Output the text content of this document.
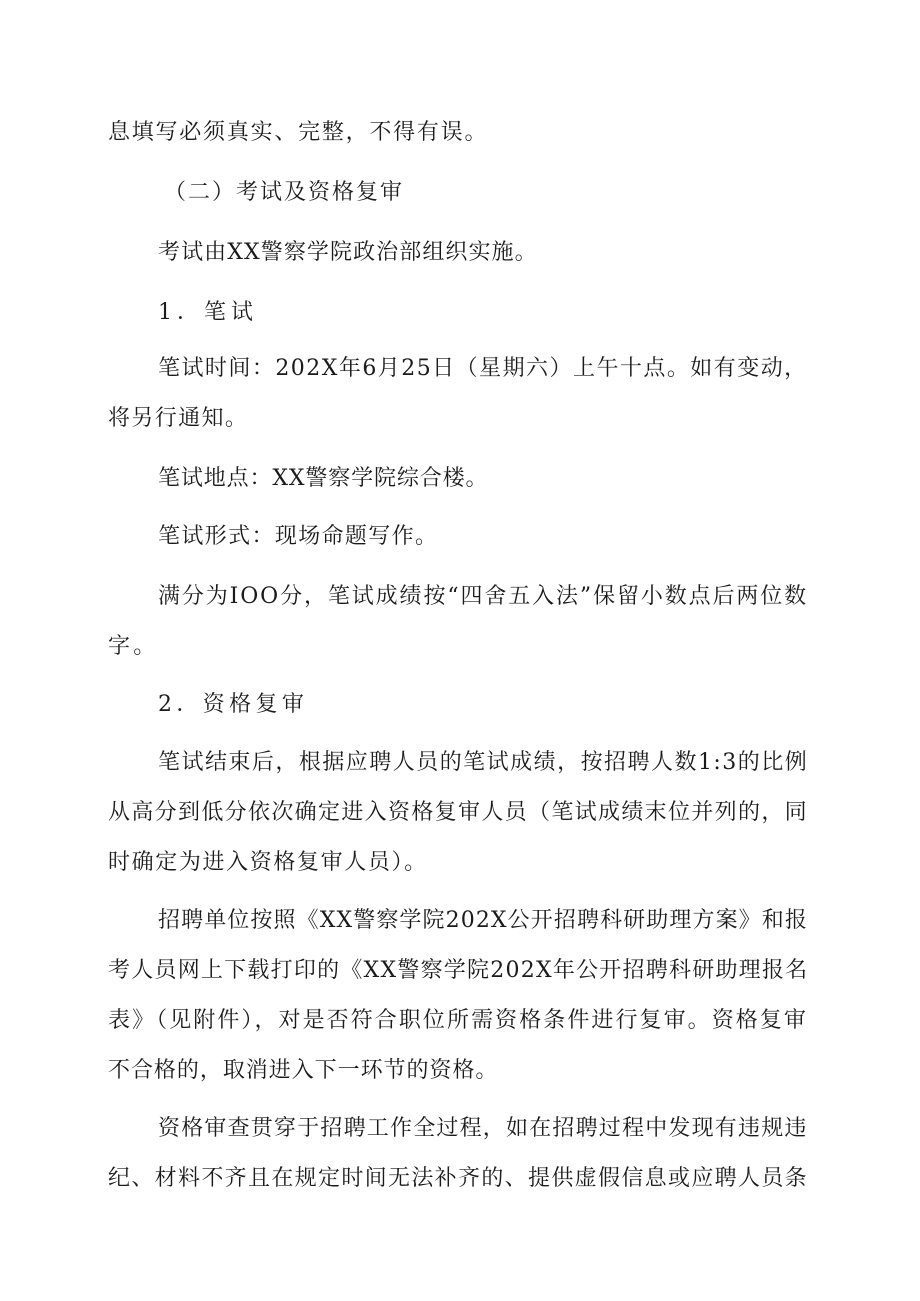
息填写必须真实、完整，不得有误。

（二）考试及资格复审

考试由XX警察学院政治部组织实施。

1．笔试

笔试时间：202X年6月25日（星期六）上午十点。如有变动，

将另行通知。

笔试地点：XX警察学院综合楼。

笔试形式：现场命题写作。

满分为IOO分，笔试成绩按“四舍五入法”保留小数点后两位数

字。

2．资格复审

笔试结束后，根据应聘人员的笔试成绩，按招聘人数1:3的比例

从高分到低分依次确定进入资格复审人员（笔试成绩末位并列的，同

时确定为进入资格复审人员）。

招聘单位按照《XX警察学院202X公开招聘科研助理方案》和报

考人员网上下载打印的《XX警察学院202X年公开招聘科研助理报名

表》（见附件），对是否符合职位所需资格条件进行复审。资格复审

不合格的，取消进入下一环节的资格。

资格审查贯穿于招聘工作全过程，如在招聘过程中发现有违规违

纪、材料不齐且在规定时间无法补齐的、提供虚假信息或应聘人员条
